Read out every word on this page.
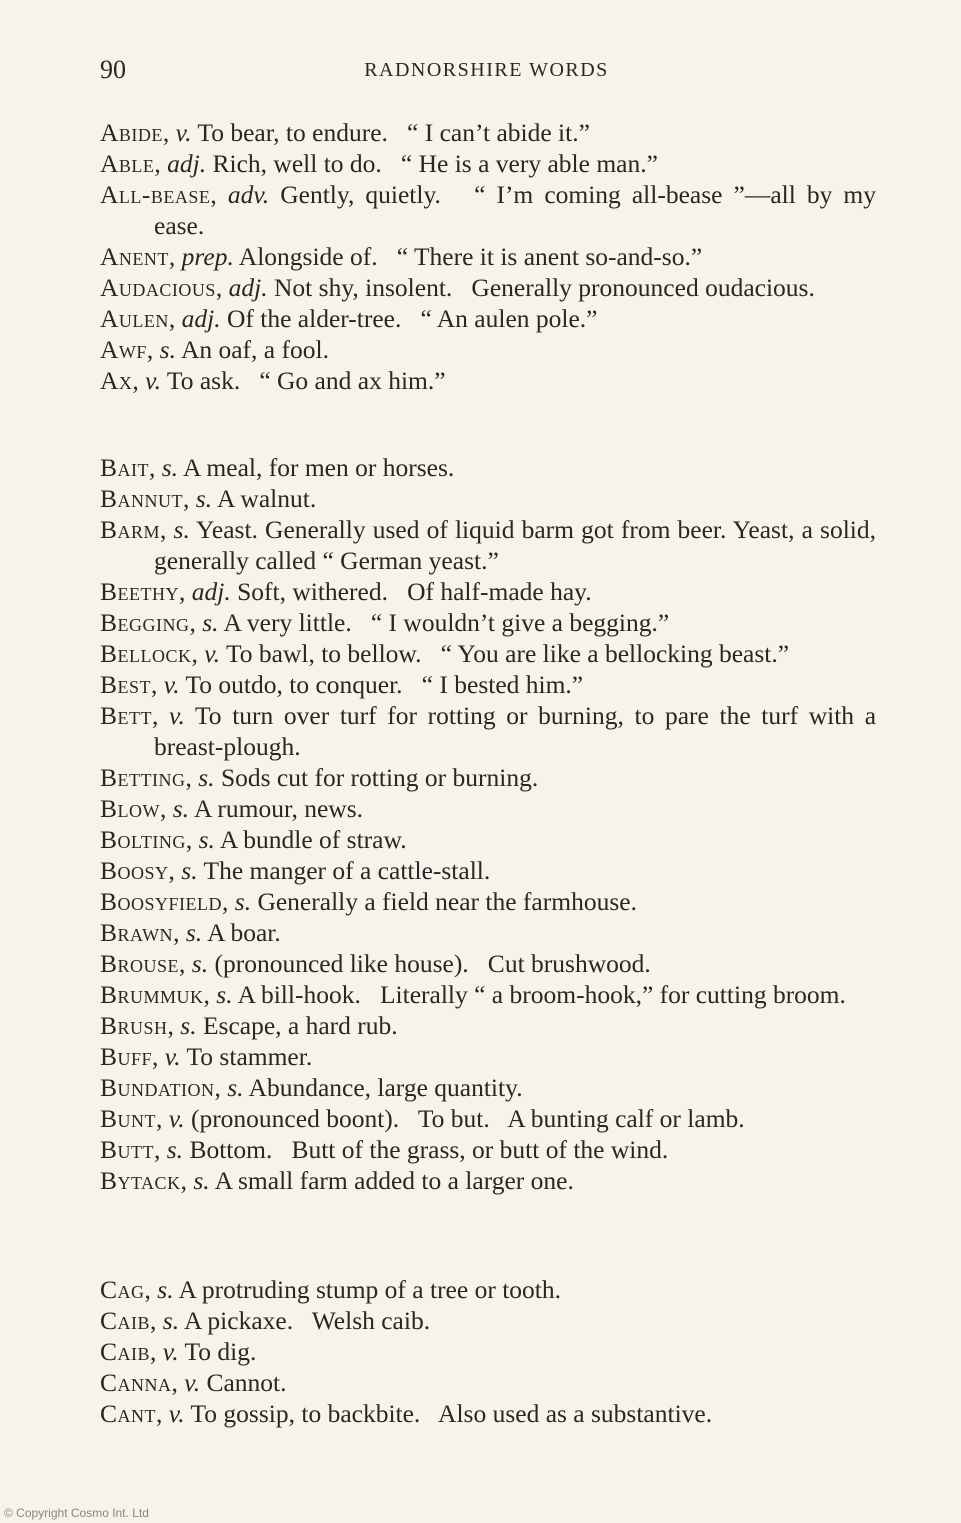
90	RADNORSHIRE WORDS
Abide, v. To bear, to endure.   “ I can’t abide it.”
Able, adj. Rich, well to do.   “ He is a very able man.”
All-bease, adv. Gently, quietly.   “ I’m coming all-bease ”—all by my ease.
Anent, prep. Alongside of.   “ There it is anent so-and-so.”
Audacious, adj. Not shy, insolent.   Generally pronounced oudacious.
Aulen, adj. Of the alder-tree.   “ An aulen pole.”
Awf, s. An oaf, a fool.
Ax, v. To ask.   “ Go and ax him.”
Bait, s. A meal, for men or horses.
Bannut, s. A walnut.
Barm, s. Yeast. Generally used of liquid barm got from beer. Yeast, a solid, generally called “ German yeast.”
Beethy, adj. Soft, withered.   Of half-made hay.
Begging, s. A very little.   “ I wouldn’t give a begging.”
Bellock, v. To bawl, to bellow.   “ You are like a bellocking beast.”
Best, v. To outdo, to conquer.   “ I bested him.”
Bett, v. To turn over turf for rotting or burning, to pare the turf with a breast-plough.
Betting, s. Sods cut for rotting or burning.
Blow, s. A rumour, news.
Bolting, s. A bundle of straw.
Boosy, s. The manger of a cattle-stall.
Boosyfield, s. Generally a field near the farmhouse.
Brawn, s. A boar.
Brouse, s. (pronounced like house).   Cut brushwood.
Brummuk, s. A bill-hook.   Literally “ a broom-hook,” for cutting broom.
Brush, s. Escape, a hard rub.
Buff, v. To stammer.
Bundation, s. Abundance, large quantity.
Bunt, v. (pronounced boont).   To but.   A bunting calf or lamb.
Butt, s. Bottom.   Butt of the grass, or butt of the wind.
Bytack, s. A small farm added to a larger one.
Cag, s. A protruding stump of a tree or tooth.
Caib, s. A pickaxe.   Welsh caib.
Caib, v. To dig.
Canna, v. Cannot.
Cant, v. To gossip, to backbite.   Also used as a substantive.
© Copyright Cosmo Int. Ltd
